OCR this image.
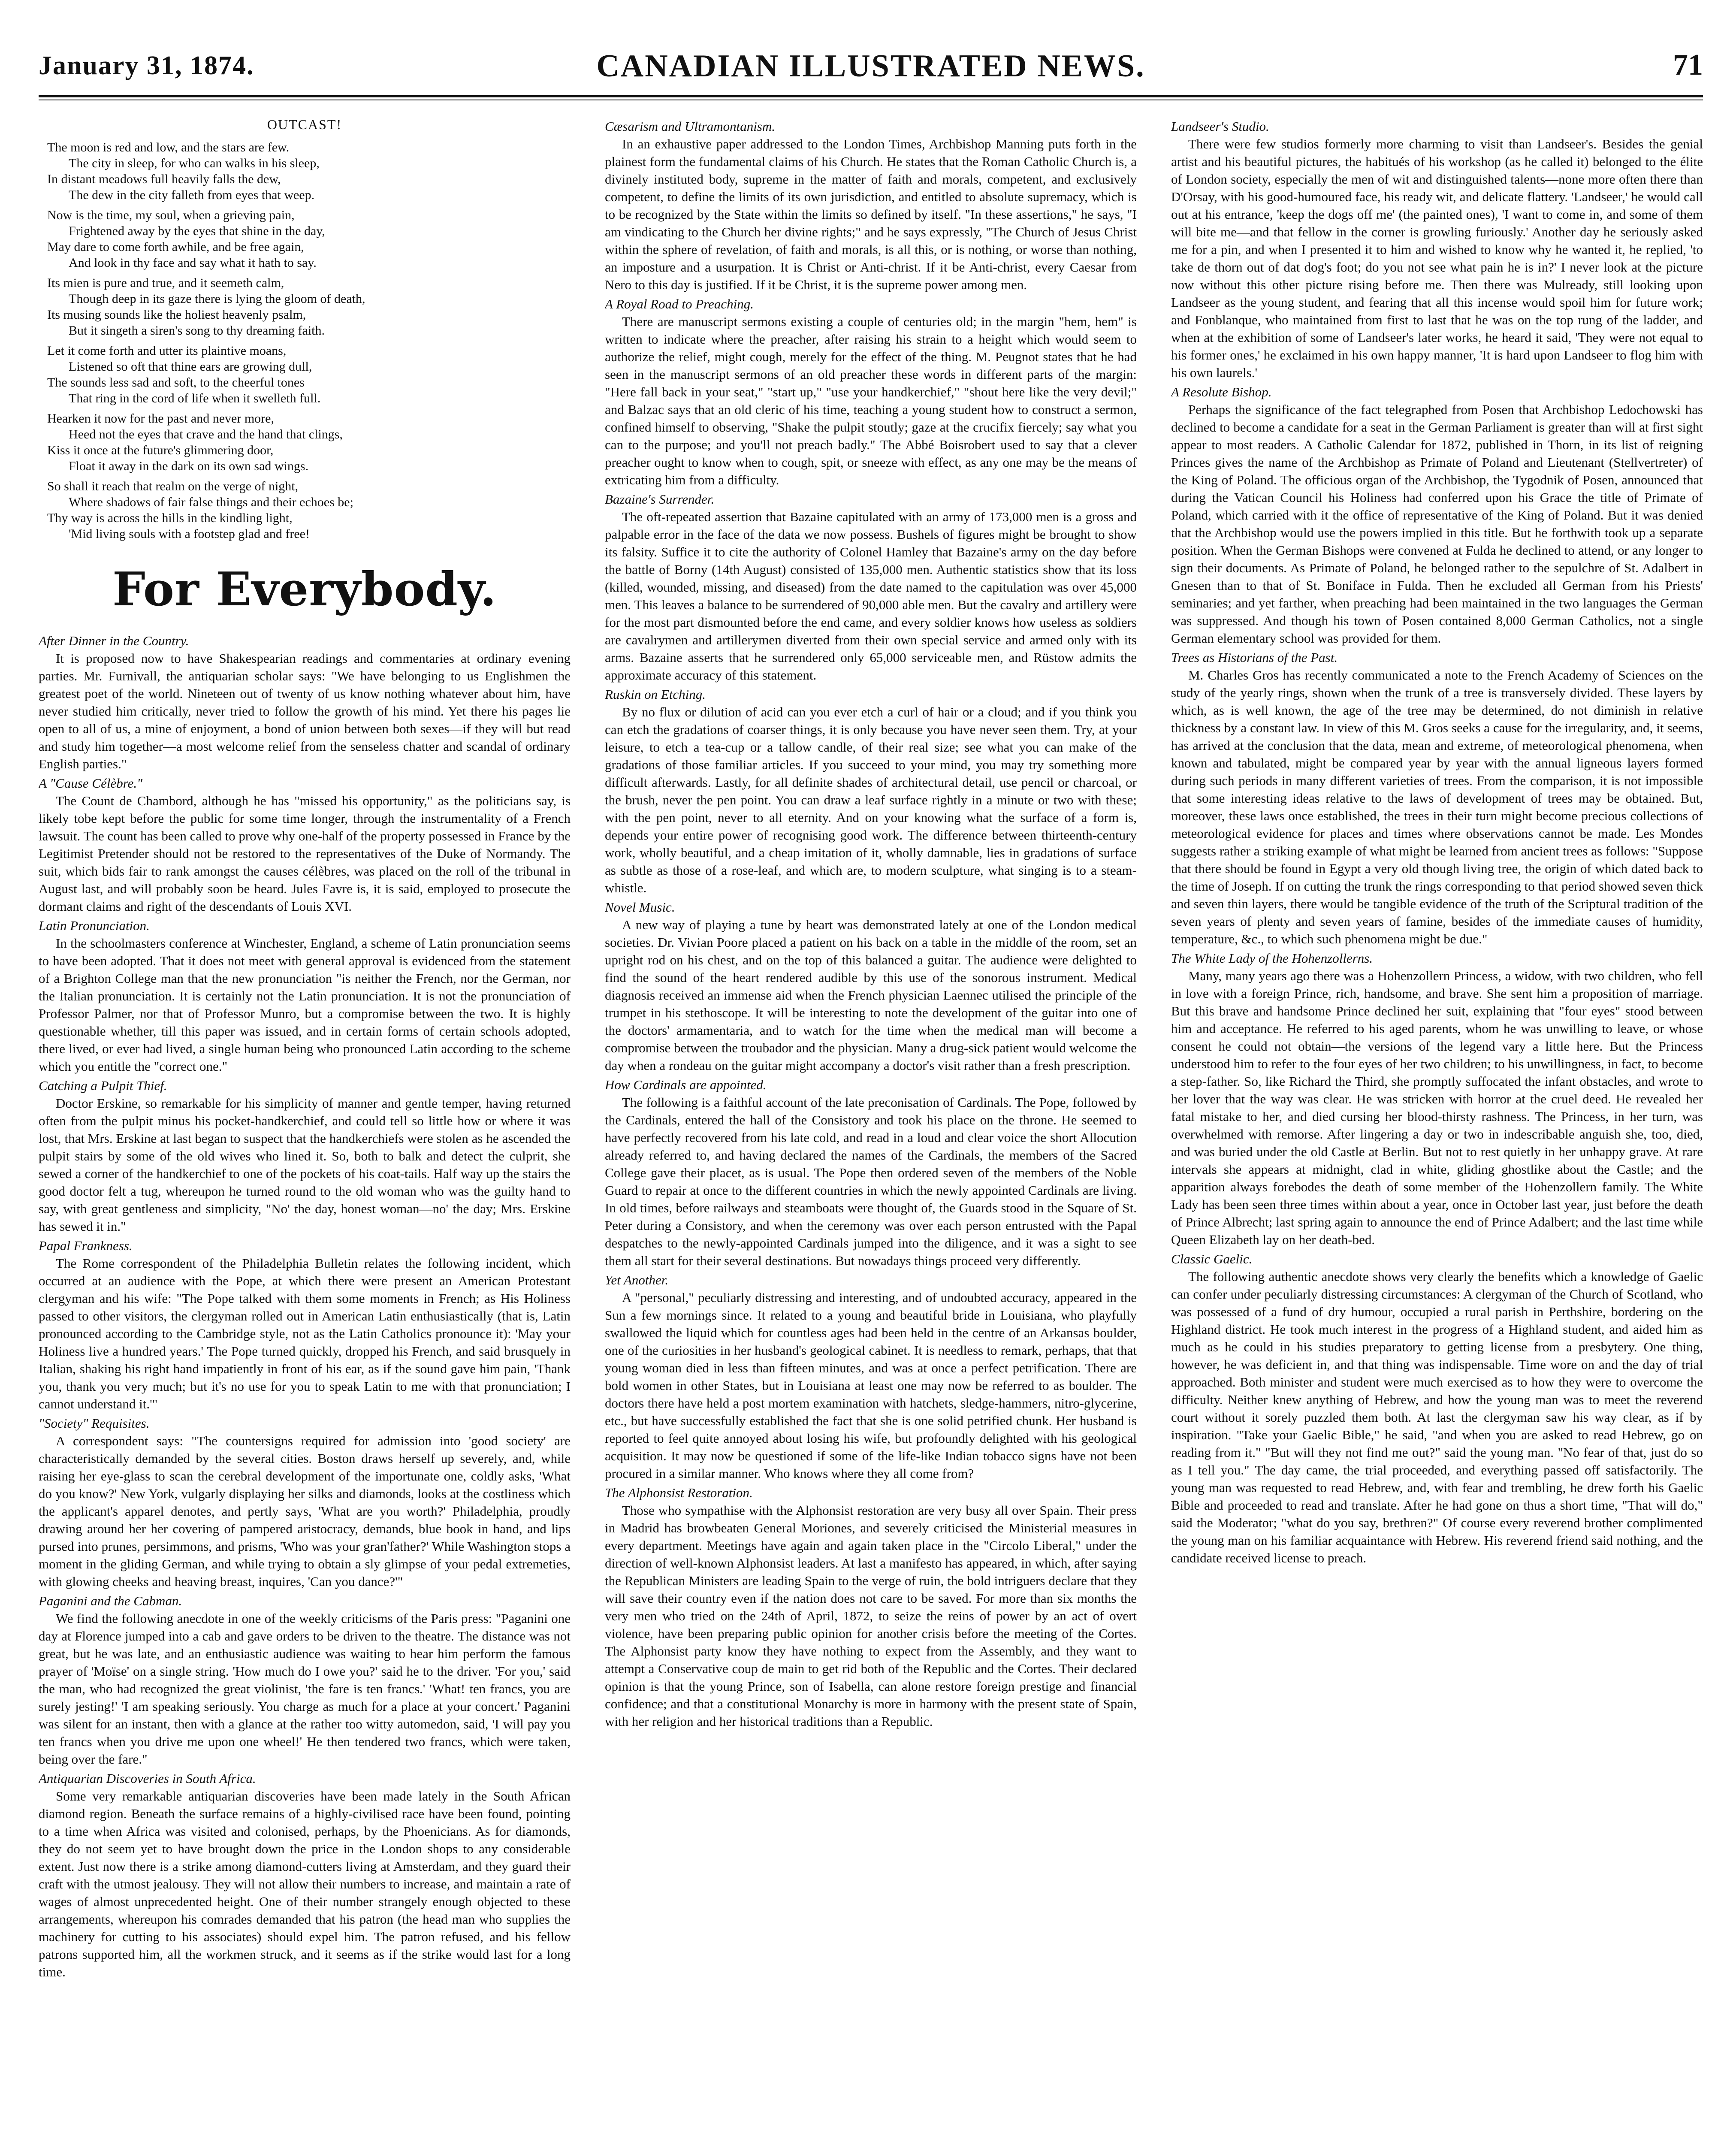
January 31, 1874.	CANADIAN ILLUSTRATED NEWS.	71
OUTCAST!
The moon is red and low, and the stars are few.
The city in sleep, for who can walks in his sleep,
In distant meadows full heavily falls the dew,
The dew in the city falleth from eyes that weep.
Now is the time, my soul, when a grieving pain,
Frightened away by the eyes that shine in the day,
May dare to come forth awhile, and be free again,
And look in thy face and say what it hath to say.
Its mien is pure and true, and it seemeth calm,
Though deep in its gaze there is lying the gloom of death,
Its musing sounds like the holiest heavenly psalm,
But it singeth a siren's song to thy dreaming faith.
Let it come forth and utter its plaintive moans,
Listened so oft that thine ears are growing dull,
The sounds less sad and soft, to the cheerful tones
That ring in the cord of life when it swelleth full.
Hearken it now for the past and never more,
Heed not the eyes that crave and the hand that clings,
Kiss it once at the future's glimmering door,
Float it away in the dark on its own sad wings.
So shall it reach that realm on the verge of night,
Where shadows of fair false things and their echoes be;
Thy way is across the hills in the kindling light,
'Mid living souls with a footstep glad and free!
For Everybody.
After Dinner in the Country.

It is proposed now to have Shakespearian readings and commentaries at ordinary evening parties. Mr. Furnivall, the antiquarian scholar says: "We have belonging to us Englishmen the greatest poet of the world. Nineteen out of twenty of us know nothing whatever about him, have never studied him critically, never tried to follow the growth of his mind. Yet there his pages lie open to all of us, a mine of enjoyment, a bond of union between both sexes—if they will but read and study him together—a most welcome relief from the senseless chatter and scandal of ordinary English parties."

A "Cause Célèbre."

The Count de Chambord, although he has "missed his opportunity," as the politicians say, is likely tobe kept before the public for some time longer, through the instrumentality of a French lawsuit. The count has been called to prove why one-half of the property possessed in France by the Legitimist Pretender should not be restored to the representatives of the Duke of Normandy. The suit, which bids fair to rank amongst the causes célèbres, was placed on the roll of the tribunal in August last, and will probably soon be heard. Jules Favre is, it is said, employed to prosecute the dormant claims and right of the descendants of Louis XVI.

Latin Pronunciation.

In the schoolmasters conference at Winchester, England, a scheme of Latin pronunciation seems to have been adopted. That it does not meet with general approval is evidenced from the statement of a Brighton College man that the new pronunciation "is neither the French, nor the German, nor the Italian pronunciation. It is certainly not the Latin pronunciation. It is not the pronunciation of Professor Palmer, nor that of Professor Munro, but a compromise between the two. It is highly questionable whether, till this paper was issued, and in certain forms of certain schools adopted, there lived, or ever had lived, a single human being who pronounced Latin according to the scheme which you entitle the "correct one."

Catching a Pulpit Thief.

Doctor Erskine, so remarkable for his simplicity of manner and gentle temper, having returned often from the pulpit minus his pocket-handkerchief, and could tell so little how or where it was lost, that Mrs. Erskine at last began to suspect that the handkerchiefs were stolen as he ascended the pulpit stairs by some of the old wives who lined it. So, both to balk and detect the culprit, she sewed a corner of the handkerchief to one of the pockets of his coat-tails. Half way up the stairs the good doctor felt a tug, whereupon he turned round to the old woman who was the guilty hand to say, with great gentleness and simplicity, "No' the day, honest woman—no' the day; Mrs. Erskine has sewed it in."

Papal Frankness.

The Rome correspondent of the Philadelphia Bulletin relates the following incident, which occurred at an audience with the Pope, at which there were present an American Protestant clergyman and his wife: "The Pope talked with them some moments in French; as His Holiness passed to other visitors, the clergyman rolled out in American Latin enthusiastically (that is, Latin pronounced according to the Cambridge style, not as the Latin Catholics pronounce it): 'May your Holiness live a hundred years.' The Pope turned quickly, dropped his French, and said brusquely in Italian, shaking his right hand impatiently in front of his ear, as if the sound gave him pain, 'Thank you, thank you very much; but it's no use for you to speak Latin to me with that pronunciation; I cannot understand it.'"

"Society" Requisites.

A correspondent says: "The countersigns required for admission into 'good society' are characteristically demanded by the several cities. Boston draws herself up severely, and, while raising her eye-glass to scan the cerebral development of the importunate one, coldly asks, 'What do you know?' New York, vulgarly displaying her silks and diamonds, looks at the costliness which the applicant's apparel denotes, and pertly says, 'What are you worth?' Philadelphia, proudly drawing around her her covering of pampered aristocracy, demands, blue book in hand, and lips pursed into prunes, persimmons, and prisms, 'Who was your gran'father?' While Washington stops a moment in the gliding German, and while trying to obtain a sly glimpse of your pedal extremeties, with glowing cheeks and heaving breast, inquires, 'Can you dance?'"

Paganini and the Cabman.

We find the following anecdote in one of the weekly criticisms of the Paris press: "Paganini one day at Florence jumped into a cab and gave orders to be driven to the theatre. The distance was not great, but he was late, and an enthusiastic audience was waiting to hear him perform the famous prayer of 'Moïse' on a single string. 'How much do I owe you?' said he to the driver. 'For you,' said the man, who had recognized the great violinist, 'the fare is ten francs.' 'What! ten francs, you are surely jesting!' 'I am speaking seriously. You charge as much for a place at your concert.' Paganini was silent for an instant, then with a glance at the rather too witty automedon, said, 'I will pay you ten francs when you drive me upon one wheel!' He then tendered two francs, which were taken, being over the fare."

Antiquarian Discoveries in South Africa.

Some very remarkable antiquarian discoveries have been made lately in the South African diamond region. Beneath the surface remains of a highly-civilised race have been found, pointing to a time when Africa was visited and colonised, perhaps, by the Phoenicians. As for diamonds, they do not seem yet to have brought down the price in the London shops to any considerable extent. Just now there is a strike among diamond-cutters living at Amsterdam, and they guard their craft with the utmost jealousy. They will not allow their numbers to increase, and maintain a rate of wages of almost unprecedented height. One of their number strangely enough objected to these arrangements, whereupon his comrades demanded that his patron (the head man who supplies the machinery for cutting to his associates) should expel him. The patron refused, and his fellow patrons supported him, all the workmen struck, and it seems as if the strike would last for a long time.

Cæsarism and Ultramontanism.

In an exhaustive paper addressed to the London Times, Archbishop Manning puts forth in the plainest form the fundamental claims of his Church. He states that the Roman Catholic Church is, a divinely instituted body, supreme in the matter of faith and morals, competent, and exclusively competent, to define the limits of its own jurisdiction, and entitled to absolute supremacy, which is to be recognized by the State within the limits so defined by itself. "In these assertions," he says, "I am vindicating to the Church her divine rights;" and he says expressly, "The Church of Jesus Christ within the sphere of revelation, of faith and morals, is all this, or is nothing, or worse than nothing, an imposture and a usurpation. It is Christ or Anti-christ. If it be Anti-christ, every Caesar from Nero to this day is justified. If it be Christ, it is the supreme power among men.

A Royal Road to Preaching.

There are manuscript sermons existing a couple of centuries old; in the margin "hem, hem" is written to indicate where the preacher, after raising his strain to a height which would seem to authorize the relief, might cough, merely for the effect of the thing. M. Peugnot states that he had seen in the manuscript sermons of an old preacher these words in different parts of the margin: "Here fall back in your seat," "start up," "use your handkerchief," "shout here like the very devil;" and Balzac says that an old cleric of his time, teaching a young student how to construct a sermon, confined himself to observing, "Shake the pulpit stoutly; gaze at the crucifix fiercely; say what you can to the purpose; and you'll not preach badly." The Abbé Boisrobert used to say that a clever preacher ought to know when to cough, spit, or sneeze with effect, as any one may be the means of extricating him from a difficulty.

Bazaine's Surrender.

The oft-repeated assertion that Bazaine capitulated with an army of 173,000 men is a gross and palpable error in the face of the data we now possess. Bushels of figures might be brought to show its falsity. Suffice it to cite the authority of Colonel Hamley that Bazaine's army on the day before the battle of Borny (14th August) consisted of 135,000 men. Authentic statistics show that its loss (killed, wounded, missing, and diseased) from the date named to the capitulation was over 45,000 men. This leaves a balance to be surrendered of 90,000 able men. But the cavalry and artillery were for the most part dismounted before the end came, and every soldier knows how useless as soldiers are cavalrymen and artillerymen diverted from their own special service and armed only with its arms. Bazaine asserts that he surrendered only 65,000 serviceable men, and Rüstow admits the approximate accuracy of this statement.

Ruskin on Etching.

By no flux or dilution of acid can you ever etch a curl of hair or a cloud; and if you think you can etch the gradations of coarser things, it is only because you have never seen them. Try, at your leisure, to etch a tea-cup or a tallow candle, of their real size; see what you can make of the gradations of those familiar articles. If you succeed to your mind, you may try something more difficult afterwards. Lastly, for all definite shades of architectural detail, use pencil or charcoal, or the brush, never the pen point. You can draw a leaf surface rightly in a minute or two with these; with the pen point, never to all eternity. And on your knowing what the surface of a form is, depends your entire power of recognising good work. The difference between thirteenth-century work, wholly beautiful, and a cheap imitation of it, wholly damnable, lies in gradations of surface as subtle as those of a rose-leaf, and which are, to modern sculpture, what singing is to a steam-whistle.

Novel Music.

A new way of playing a tune by heart was demonstrated lately at one of the London medical societies. Dr. Vivian Poore placed a patient on his back on a table in the middle of the room, set an upright rod on his chest, and on the top of this balanced a guitar. The audience were delighted to find the sound of the heart rendered audible by this use of the sonorous instrument. Medical diagnosis received an immense aid when the French physician Laennec utilised the principle of the trumpet in his stethoscope. It will be interesting to note the development of the guitar into one of the doctors' armamentaria, and to watch for the time when the medical man will become a compromise between the troubador and the physician. Many a drug-sick patient would welcome the day when a rondeau on the guitar might accompany a doctor's visit rather than a fresh prescription.

How Cardinals are appointed.

The following is a faithful account of the late preconisation of Cardinals. The Pope, followed by the Cardinals, entered the hall of the Consistory and took his place on the throne. He seemed to have perfectly recovered from his late cold, and read in a loud and clear voice the short Allocution already referred to, and having declared the names of the Cardinals, the members of the Sacred College gave their placet, as is usual. The Pope then ordered seven of the members of the Noble Guard to repair at once to the different countries in which the newly appointed Cardinals are living. In old times, before railways and steamboats were thought of, the Guards stood in the Square of St. Peter during a Consistory, and when the ceremony was over each person entrusted with the Papal despatches to the newly-appointed Cardinals jumped into the diligence, and it was a sight to see them all start for their several destinations. But nowadays things proceed very differently.

Yet Another.

A "personal," peculiarly distressing and interesting, and of undoubted accuracy, appeared in the Sun a few mornings since. It related to a young and beautiful bride in Louisiana, who playfully swallowed the liquid which for countless ages had been held in the centre of an Arkansas boulder, one of the curiosities in her husband's geological cabinet. It is needless to remark, perhaps, that that young woman died in less than fifteen minutes, and was at once a perfect petrification. There are bold women in other States, but in Louisiana at least one may now be referred to as boulder. The doctors there have held a post mortem examination with hatchets, sledge-hammers, nitro-glycerine, etc., but have successfully established the fact that she is one solid petrified chunk. Her husband is reported to feel quite annoyed about losing his wife, but profoundly delighted with his geological acquisition. It may now be questioned if some of the life-like Indian tobacco signs have not been procured in a similar manner. Who knows where they all come from?

The Alphonsist Restoration.

Those who sympathise with the Alphonsist restoration are very busy all over Spain. Their press in Madrid has browbeaten General Moriones, and severely criticised the Ministerial measures in every department. Meetings have again and again taken place in the "Circolo Liberal," under the direction of well-known Alphonsist leaders. At last a manifesto has appeared, in which, after saying the Republican Ministers are leading Spain to the verge of ruin, the bold intriguers declare that they will save their country even if the nation does not care to be saved. For more than six months the very men who tried on the 24th of April, 1872, to seize the reins of power by an act of overt violence, have been preparing public opinion for another crisis before the meeting of the Cortes. The Alphonsist party know they have nothing to expect from the Assembly, and they want to attempt a Conservative coup de main to get rid both of the Republic and the Cortes. Their declared opinion is that the young Prince, son of Isabella, can alone restore foreign prestige and financial confidence; and that a constitutional Monarchy is more in harmony with the present state of Spain, with her religion and her historical traditions than a Republic.

Landseer's Studio.

There were few studios formerly more charming to visit than Landseer's. Besides the genial artist and his beautiful pictures, the habitués of his workshop (as he called it) belonged to the élite of London society, especially the men of wit and distinguished talents—none more often there than D'Orsay, with his good-humoured face, his ready wit, and delicate flattery. 'Landseer,' he would call out at his entrance, 'keep the dogs off me' (the painted ones), 'I want to come in, and some of them will bite me—and that fellow in the corner is growling furiously.' Another day he seriously asked me for a pin, and when I presented it to him and wished to know why he wanted it, he replied, 'to take de thorn out of dat dog's foot; do you not see what pain he is in?' I never look at the picture now without this other picture rising before me. Then there was Mulready, still looking upon Landseer as the young student, and fearing that all this incense would spoil him for future work; and Fonblanque, who maintained from first to last that he was on the top rung of the ladder, and when at the exhibition of some of Landseer's later works, he heard it said, 'They were not equal to his former ones,' he exclaimed in his own happy manner, 'It is hard upon Landseer to flog him with his own laurels.'

A Resolute Bishop.

Perhaps the significance of the fact telegraphed from Posen that Archbishop Ledochowski has declined to become a candidate for a seat in the German Parliament is greater than will at first sight appear to most readers. A Catholic Calendar for 1872, published in Thorn, in its list of reigning Princes gives the name of the Archbishop as Primate of Poland and Lieutenant (Stellvertreter) of the King of Poland. The officious organ of the Archbishop, the Tygodnik of Posen, announced that during the Vatican Council his Holiness had conferred upon his Grace the title of Primate of Poland, which carried with it the office of representative of the King of Poland. But it was denied that the Archbishop would use the powers implied in this title. But he forthwith took up a separate position. When the German Bishops were convened at Fulda he declined to attend, or any longer to sign their documents. As Primate of Poland, he belonged rather to the sepulchre of St. Adalbert in Gnesen than to that of St. Boniface in Fulda. Then he excluded all German from his Priests' seminaries; and yet farther, when preaching had been maintained in the two languages the German was suppressed. And though his town of Posen contained 8,000 German Catholics, not a single German elementary school was provided for them.

Trees as Historians of the Past.

M. Charles Gros has recently communicated a note to the French Academy of Sciences on the study of the yearly rings, shown when the trunk of a tree is transversely divided. These layers by which, as is well known, the age of the tree may be determined, do not diminish in relative thickness by a constant law. In view of this M. Gros seeks a cause for the irregularity, and, it seems, has arrived at the conclusion that the data, mean and extreme, of meteorological phenomena, when known and tabulated, might be compared year by year with the annual ligneous layers formed during such periods in many different varieties of trees. From the comparison, it is not impossible that some interesting ideas relative to the laws of development of trees may be obtained. But, moreover, these laws once established, the trees in their turn might become precious collections of meteorological evidence for places and times where observations cannot be made. Les Mondes suggests rather a striking example of what might be learned from ancient trees as follows: "Suppose that there should be found in Egypt a very old though living tree, the origin of which dated back to the time of Joseph. If on cutting the trunk the rings corresponding to that period showed seven thick and seven thin layers, there would be tangible evidence of the truth of the Scriptural tradition of the seven years of plenty and seven years of famine, besides of the immediate causes of humidity, temperature, &c., to which such phenomena might be due."

The White Lady of the Hohenzollerns.

Many, many years ago there was a Hohenzollern Princess, a widow, with two children, who fell in love with a foreign Prince, rich, handsome, and brave. She sent him a proposition of marriage. But this brave and handsome Prince declined her suit, explaining that "four eyes" stood between him and acceptance. He referred to his aged parents, whom he was unwilling to leave, or whose consent he could not obtain—the versions of the legend vary a little here. But the Princess understood him to refer to the four eyes of her two children; to his unwillingness, in fact, to become a step-father. So, like Richard the Third, she promptly suffocated the infant obstacles, and wrote to her lover that the way was clear. He was stricken with horror at the cruel deed. He revealed her fatal mistake to her, and died cursing her blood-thirsty rashness. The Princess, in her turn, was overwhelmed with remorse. After lingering a day or two in indescribable anguish she, too, died, and was buried under the old Castle at Berlin. But not to rest quietly in her unhappy grave. At rare intervals she appears at midnight, clad in white, gliding ghostlike about the Castle; and the apparition always forebodes the death of some member of the Hohenzollern family. The White Lady has been seen three times within about a year, once in October last year, just before the death of Prince Albrecht; last spring again to announce the end of Prince Adalbert; and the last time while Queen Elizabeth lay on her death-bed.

Classic Gaelic.

The following authentic anecdote shows very clearly the benefits which a knowledge of Gaelic can confer under peculiarly distressing circumstances: A clergyman of the Church of Scotland, who was possessed of a fund of dry humour, occupied a rural parish in Perthshire, bordering on the Highland district. He took much interest in the progress of a Highland student, and aided him as much as he could in his studies preparatory to getting license from a presbytery. One thing, however, he was deficient in, and that thing was indispensable. Time wore on and the day of trial approached. Both minister and student were much exercised as to how they were to overcome the difficulty. Neither knew anything of Hebrew, and how the young man was to meet the reverend court without it sorely puzzled them both. At last the clergyman saw his way clear, as if by inspiration. "Take your Gaelic Bible," he said, "and when you are asked to read Hebrew, go on reading from it." "But will they not find me out?" said the young man. "No fear of that, just do so as I tell you." The day came, the trial proceeded, and everything passed off satisfactorily. The young man was requested to read Hebrew, and, with fear and trembling, he drew forth his Gaelic Bible and proceeded to read and translate. After he had gone on thus a short time, "That will do," said the Moderator; "what do you say, brethren?" Of course every reverend brother complimented the young man on his familiar acquaintance with Hebrew. His reverend friend said nothing, and the candidate received license to preach.
